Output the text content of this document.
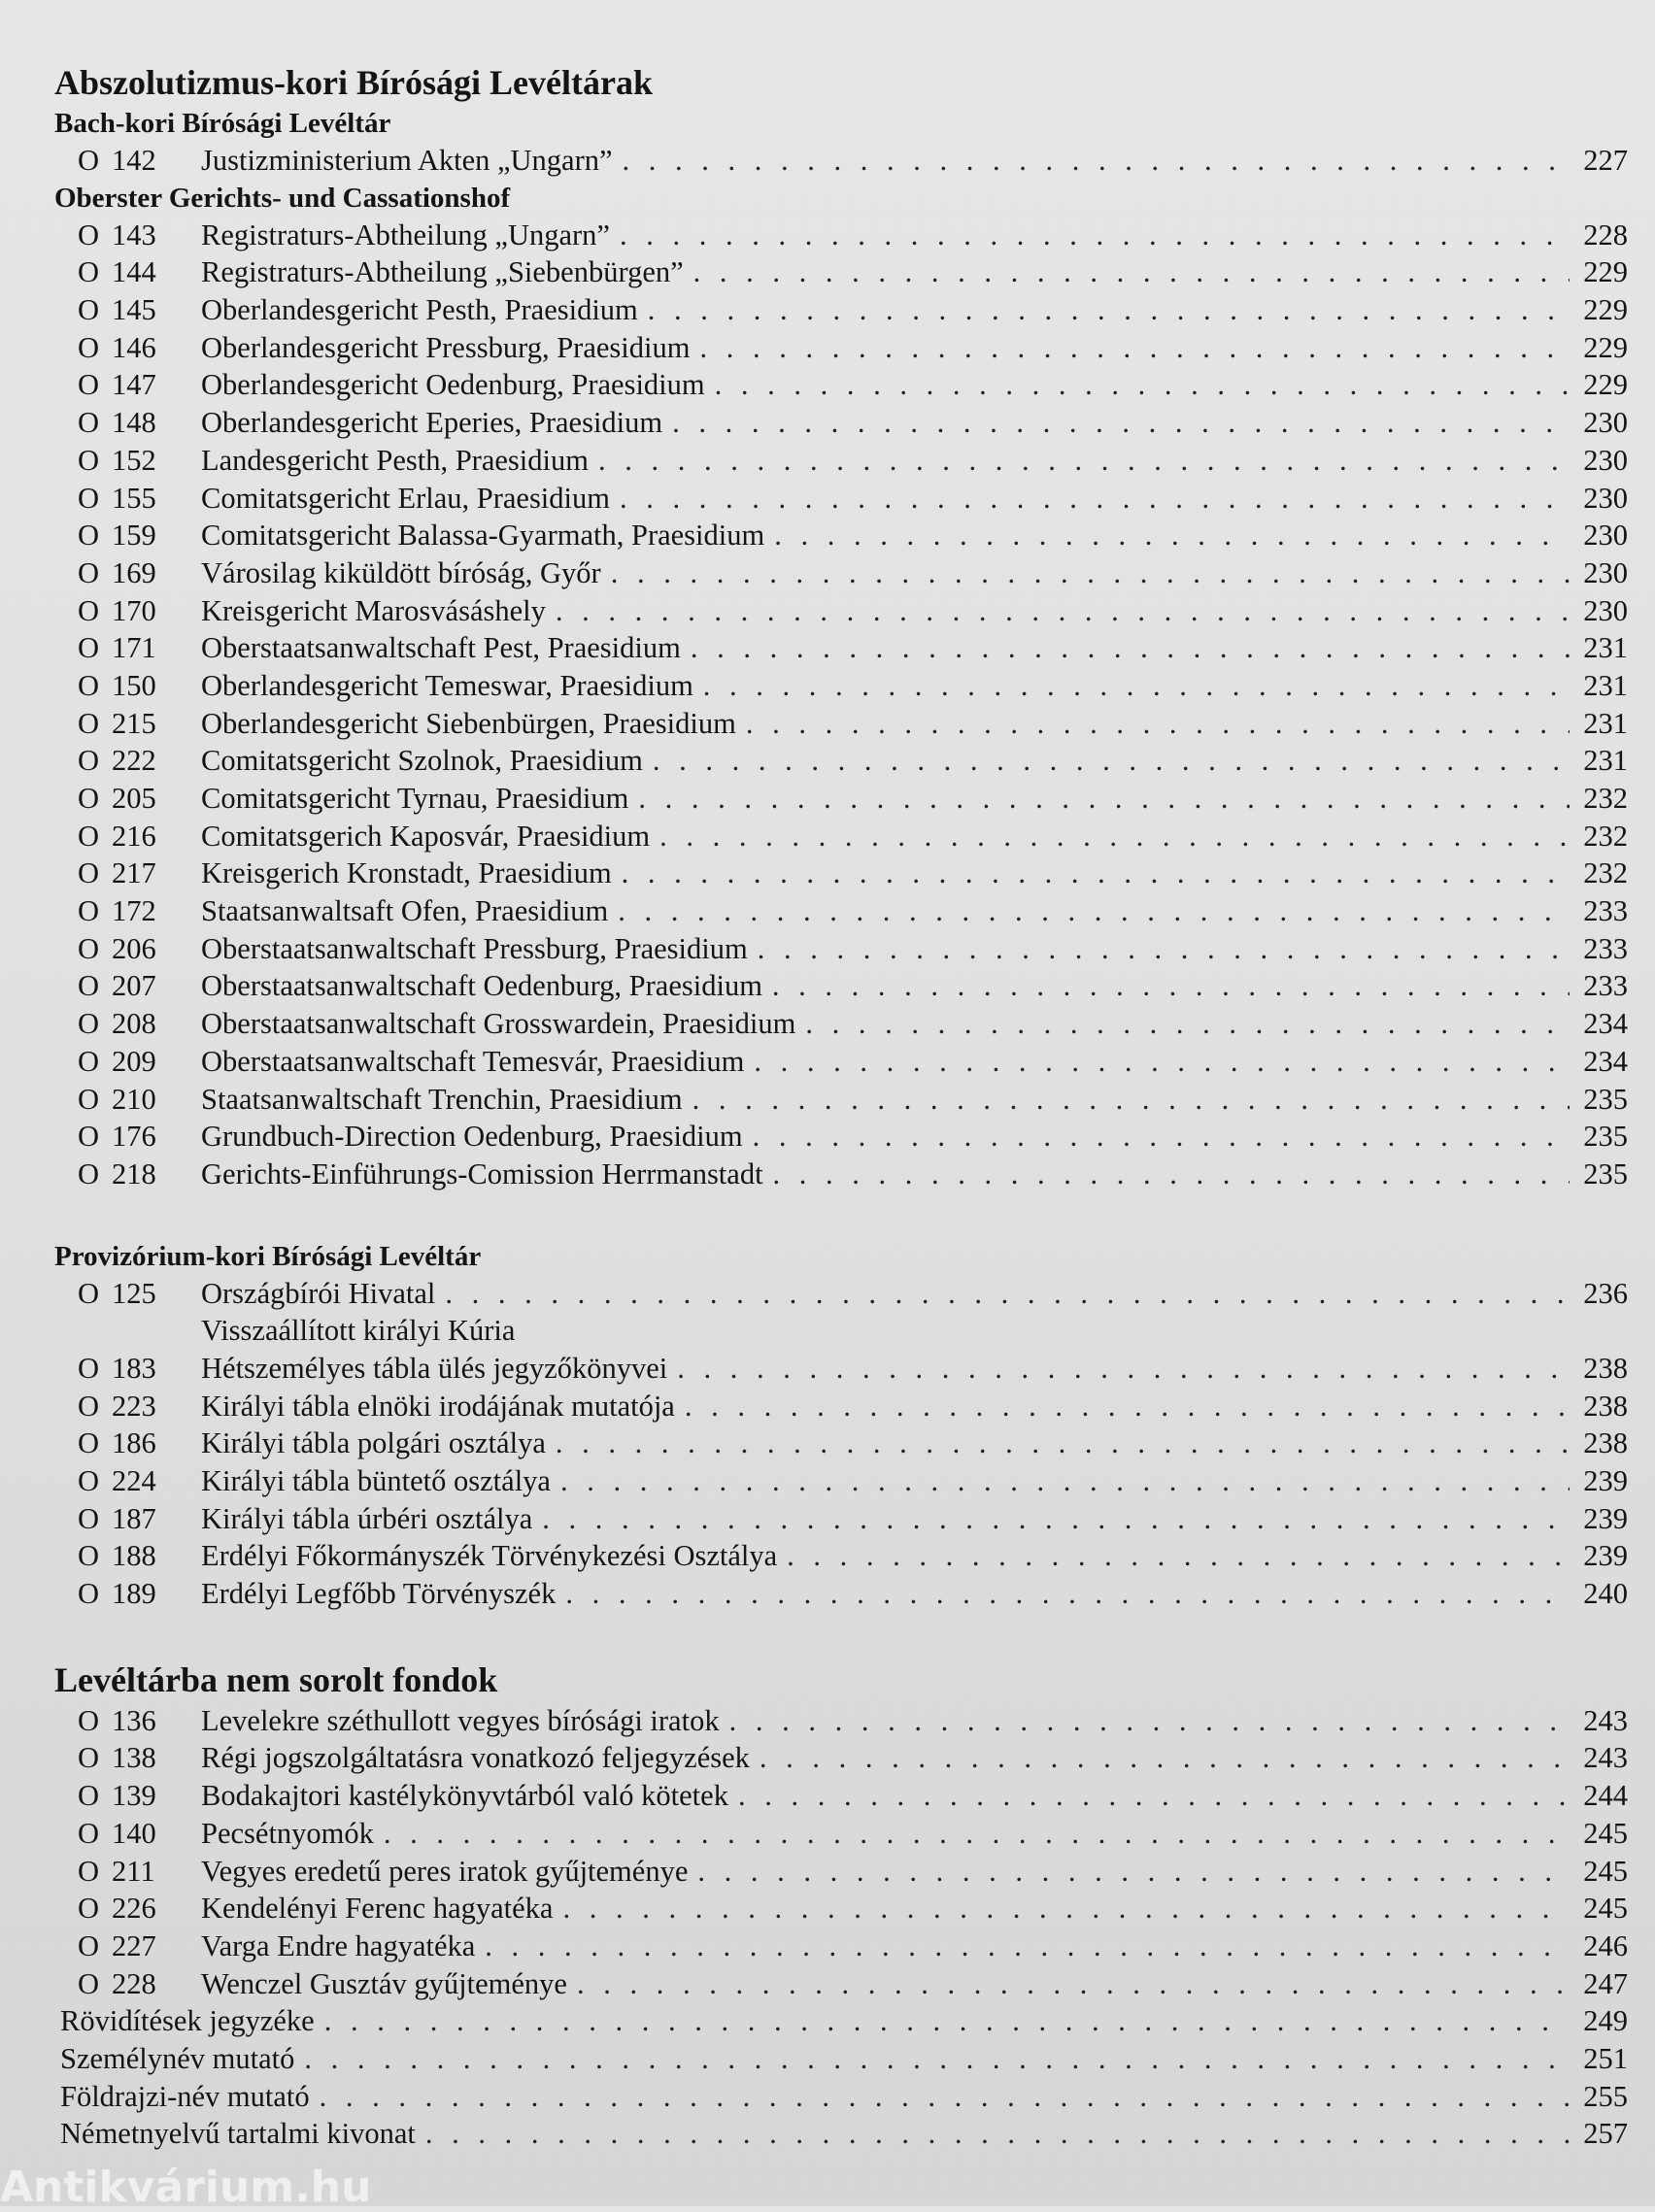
Abszolutizmus-kori Bírósági Levéltárak
Bach-kori Bírósági Levéltár
O 142	Justizministerium Akten „Ungarn” . . .	227
Oberster Gerichts- und Cassationshof
O 143	Registraturs-Abtheilung „Ungarn” . . .	228
O 144	Registraturs-Abtheilung „Siebenbürgen” . . .	229
O 145	Oberlandesgericht Pesth, Praesidium . . .	229
O 146	Oberlandesgericht Pressburg, Praesidium . . .	229
O 147	Oberlandesgericht Oedenburg, Praesidium . . .	229
O 148	Oberlandesgericht Eperies, Praesidium . . .	230
O 152	Landesgericht Pesth, Praesidium . . .	230
O 155	Comitatsgericht Erlau, Praesidium . . .	230
O 159	Comitatsgericht Balassa-Gyarmath, Praesidium . . .	230
O 169	Városilag kiküldött bíróság, Győr . . .	230
O 170	Kreisgericht Marosvásáshely . . .	230
O 171	Oberstaatsanwaltschaft Pest, Praesidium . . .	231
O 150	Oberlandesgericht Temeswar, Praesidium . . .	231
O 215	Oberlandesgericht Siebenbürgen, Praesidium . . .	231
O 222	Comitatsgericht Szolnok, Praesidium . . .	231
O 205	Comitatsgericht Tyrnau, Praesidium . . .	232
O 216	Comitatsgerich Kaposvár, Praesidium . . .	232
O 217	Kreisgerich Kronstadt, Praesidium . . .	232
O 172	Staatsanwaltsaft Ofen, Praesidium . . .	233
O 206	Oberstaatsanwaltschaft Pressburg, Praesidium . . .	233
O 207	Oberstaatsanwaltschaft Oedenburg, Praesidium . . .	233
O 208	Oberstaatsanwaltschaft Grosswardein, Praesidium . . .	234
O 209	Oberstaatsanwaltschaft Temesvár, Praesidium . . .	234
O 210	Staatsanwaltschaft Trenchin, Praesidium . . .	235
O 176	Grundbuch-Direction Oedenburg, Praesidium . . .	235
O 218	Gerichts-Einführungs-Comission Herrmanstadt . . .	235
Provizórium-kori Bírósági Levéltár
O 125	Országbírói Hivatal . . .	236
Visszaállított királyi Kúria
O 183	Hétszemélyes tábla ülés jegyzőkönyvei . . .	238
O 223	Királyi tábla elnöki irodájának mutatója . . .	238
O 186	Királyi tábla polgári osztálya . . .	238
O 224	Királyi tábla büntető osztálya . . .	239
O 187	Királyi tábla úrbéri osztálya . . .	239
O 188	Erdélyi Főkormányszék Törvénykezési Osztálya . . .	239
O 189	Erdélyi Legfőbb Törvényszék . . .	240
Levéltárba nem sorolt fondok
O 136	Levelekre széthullott vegyes bírósági iratok . . .	243
O 138	Régi jogszolgáltatásra vonatkozó feljegyzések . . .	243
O 139	Bodakajtori kastélykönyvtárból való kötetek . . .	244
O 140	Pecsétnyomók . . .	245
O 211	Vegyes eredetű peres iratok gyűjteménye . . .	245
O 226	Kendelényi Ferenc hagyatéka . . .	245
O 227	Varga Endre hagyatéka . . .	246
O 228	Wenczel Gusztáv gyűjteménye . . .	247
Rövidítések jegyzéke . . .	249
Személynév mutató . . .	251
Földrajzi-név mutató . . .	255
Németnyelvű tartalmi kivonat . . .	257
Antikvárium.hu
